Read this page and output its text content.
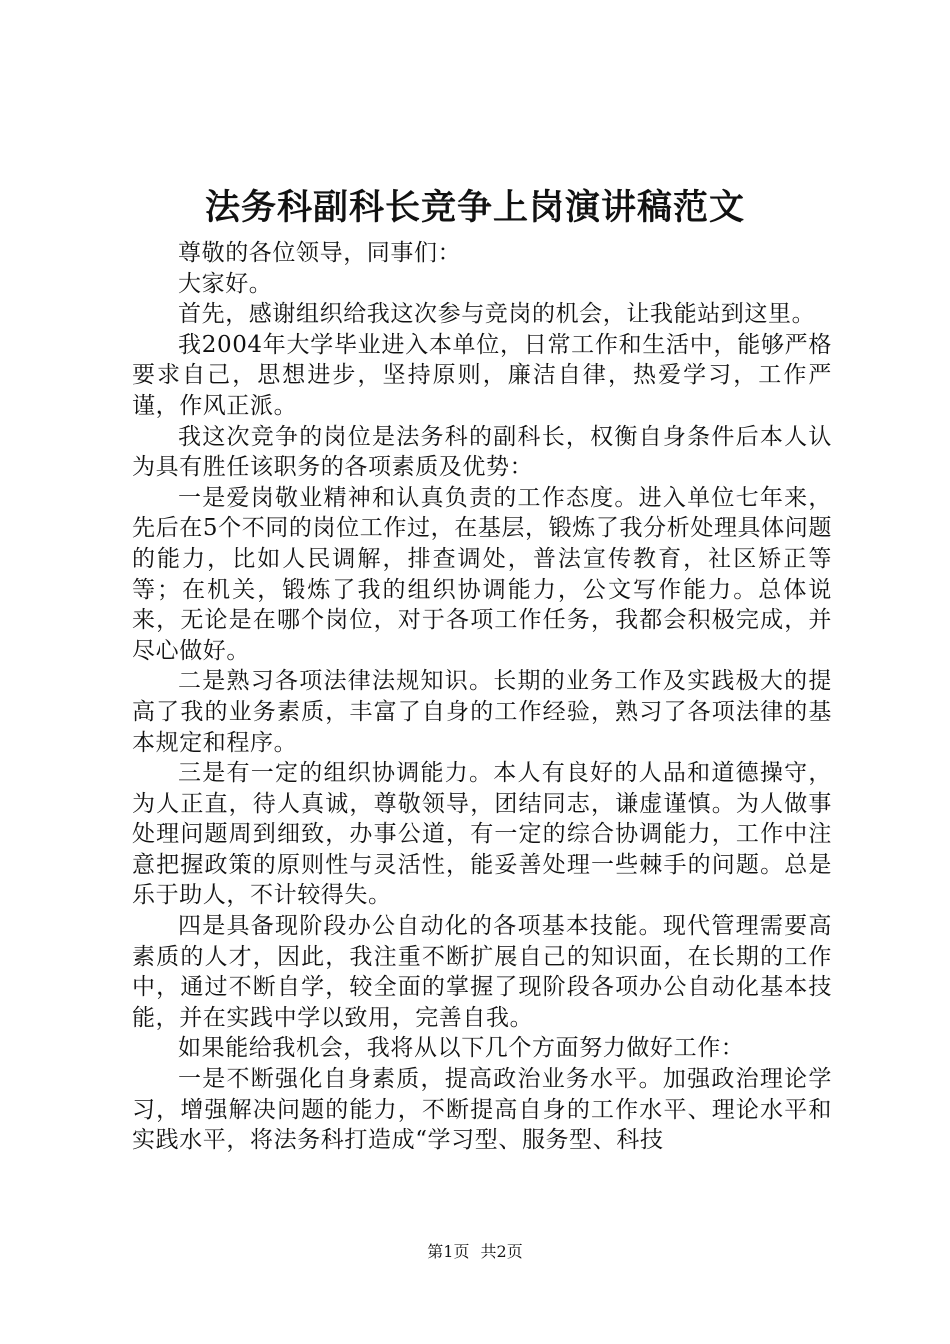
法务科副科长竞争上岗演讲稿范文

尊敬的各位领导，同事们：

大家好。

首先，感谢组织给我这次参与竞岗的机会，让我能站到这里。

我2004年大学毕业进入本单位，日常工作和生活中，能够严格要求自己，思想进步，坚持原则，廉洁自律，热爱学习，工作严谨，作风正派。

我这次竞争的岗位是法务科的副科长，权衡自身条件后本人认为具有胜任该职务的各项素质及优势：

一是爱岗敬业精神和认真负责的工作态度。进入单位七年来，先后在5个不同的岗位工作过，在基层，锻炼了我分析处理具体问题的能力，比如人民调解，排查调处，普法宣传教育，社区矫正等等；在机关，锻炼了我的组织协调能力，公文写作能力。总体说来，无论是在哪个岗位，对于各项工作任务，我都会积极完成，并尽心做好。

二是熟习各项法律法规知识。长期的业务工作及实践极大的提高了我的业务素质，丰富了自身的工作经验，熟习了各项法律的基本规定和程序。

三是有一定的组织协调能力。本人有良好的人品和道德操守，为人正直，待人真诚，尊敬领导，团结同志，谦虚谨慎。为人做事处理问题周到细致，办事公道，有一定的综合协调能力，工作中注意把握政策的原则性与灵活性，能妥善处理一些棘手的问题。总是乐于助人，不计较得失。

四是具备现阶段办公自动化的各项基本技能。现代管理需要高素质的人才，因此，我注重不断扩展自己的知识面，在长期的工作中，通过不断自学，较全面的掌握了现阶段各项办公自动化基本技能，并在实践中学以致用，完善自我。

如果能给我机会，我将从以下几个方面努力做好工作：

一是不断强化自身素质，提高政治业务水平。加强政治理论学习，增强解决问题的能力，不断提高自身的工作水平、理论水平和实践水平，将法务科打造成“学习型、服务型、科技

第1页 共2页
